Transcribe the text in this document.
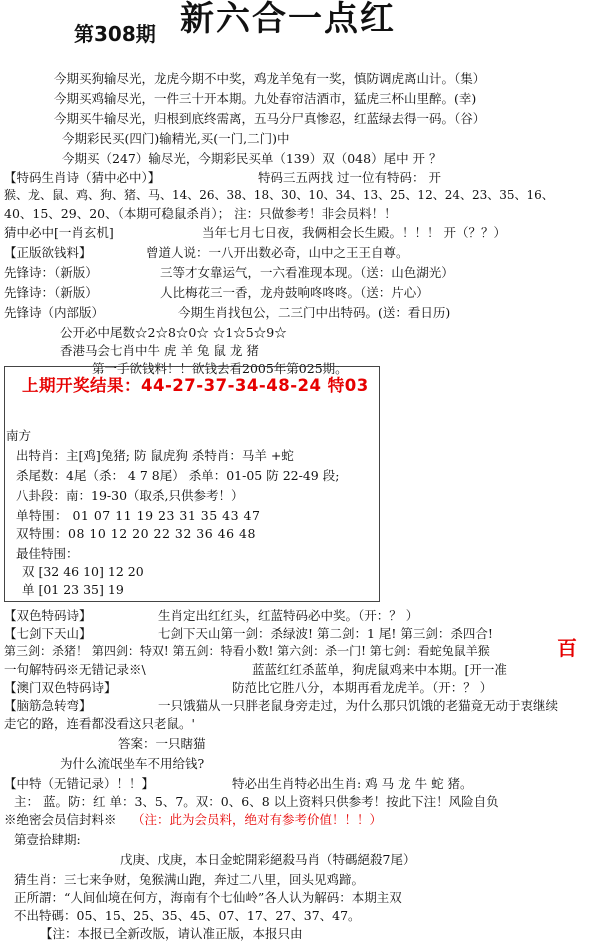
第308期 新六合一点红
今期买狗输尽光，龙虎今期不中奖，鸡龙羊兔有一奖，慎防调虎离山计。（集）
今期买鸡输尽光，一件三十开本期。九处春帘洁酒市，猛虎三杯山里醉。(幸)
今期买牛输尽光，归根到底终需离，五马分尸真惨忍，红蓝绿去得一码。（谷）
今期彩民买(四门)输精光,买(一门,二门)中
今期买（247）输尽光，今期彩民买单（139）双（048）尾中 开 ？
【特码生肖诗（猜中必中）】	特码三五两找 过一位有特码： 开
猴、龙、鼠、鸡、狗、猪、马、14、26、38、18、30、10、34、13、25、12、24、23、35、16、
40、15、29、20、（本期可稳鼠杀肖）； 注：只做参考！非会员料！！
猜中必中[一肖玄机]	当年七月七日夜，我俩相会长生殿。！！！ 开（？？）
【正版欲钱料】	曾道人说：一八开出数必奇，山中之王王自尊。
先锋诗：（新版）	三等才女靠运气，一六看准现本现。（送：山色湖光）
先锋诗：（新版）	人比梅花三一香，龙舟鼓响咚咚咚。（送：片心）
先锋诗（内部版）	今期生肖找包公，二三门中出特码。(送：看日历)
公开必中尾数☆2☆8☆0☆ ☆1☆5☆9☆
香港马会七肖中牛 虎 羊 兔 鼠 龙 猪
第一手欲钱料！！欲钱去看2005年第025期。
上期开奖结果：44-27-37-34-48-24 特03
南方
出特肖：主[鸡]兔猪; 防 鼠虎狗 杀特肖：马羊 +蛇
杀尾数：4尾（杀： 4 7 8尾） 杀单：01-05 防 22-49 段;
八卦段：南：19-30（取杀,只供参考！）
单特围： 01 07 11 19 23 31 35 43 47
双特围：08 10 12 20 22 32 36 46 48
最佳特围：
双 [32 46 10] 12 20
单 [01 23 35] 19
【双色特码诗】	生肖定出红红头，红蓝特码必中奖。（开：？ ）
【七剑下天山】	七剑下天山第一剑：杀绿波! 第二剑：1 尾! 第三剑：杀四合!
第三剑：杀猪！ 第四剑：特双! 第五剑：特看小数! 第六剑：杀一门! 第七剑：看蛇兔鼠羊猴
一句解特码※无错记录※\	蓝蓝红红杀蓝单，狗虎鼠鸡来中本期。[开一准
百
【澳门双色特码诗】	防范比它胜八分，本期再看龙虎羊。（开：？ ）
【脑筋急转弯】	一只饿猫从一只胖老鼠身旁走过，为什么那只饥饿的老猫竟无动于衷继续
走它的路，连看都没看这只老鼠。'
答案：一只瞎猫
为什么流氓坐车不用给钱?
【中特（无错记录）！！】	特必出生肖特必出生肖: 鸡 马 龙 牛 蛇 猪。
主： 蓝。防：红 单：3、5、7。双：0、6、8 以上资料只供参考！按此下注！风险自负
※绝密会员信封料※ （注：此为会员料，绝对有参考价值！！！）
第壹拾肆期:
戊庚、戊庚，本日金蛇開彩絕殺马肖（特碼絕殺7尾）
猜生肖：三七来争财，兔猴满山跑，奔过二八里，回头见鸡蹄。
正所謂：“人间仙境在何方，海南有个七仙岭”各人认为解码：本期主双
不出特碼：05、15、25、35、45、07、17、27、37、47。
【注：本报已全新改版，请认准正版，本报只由
